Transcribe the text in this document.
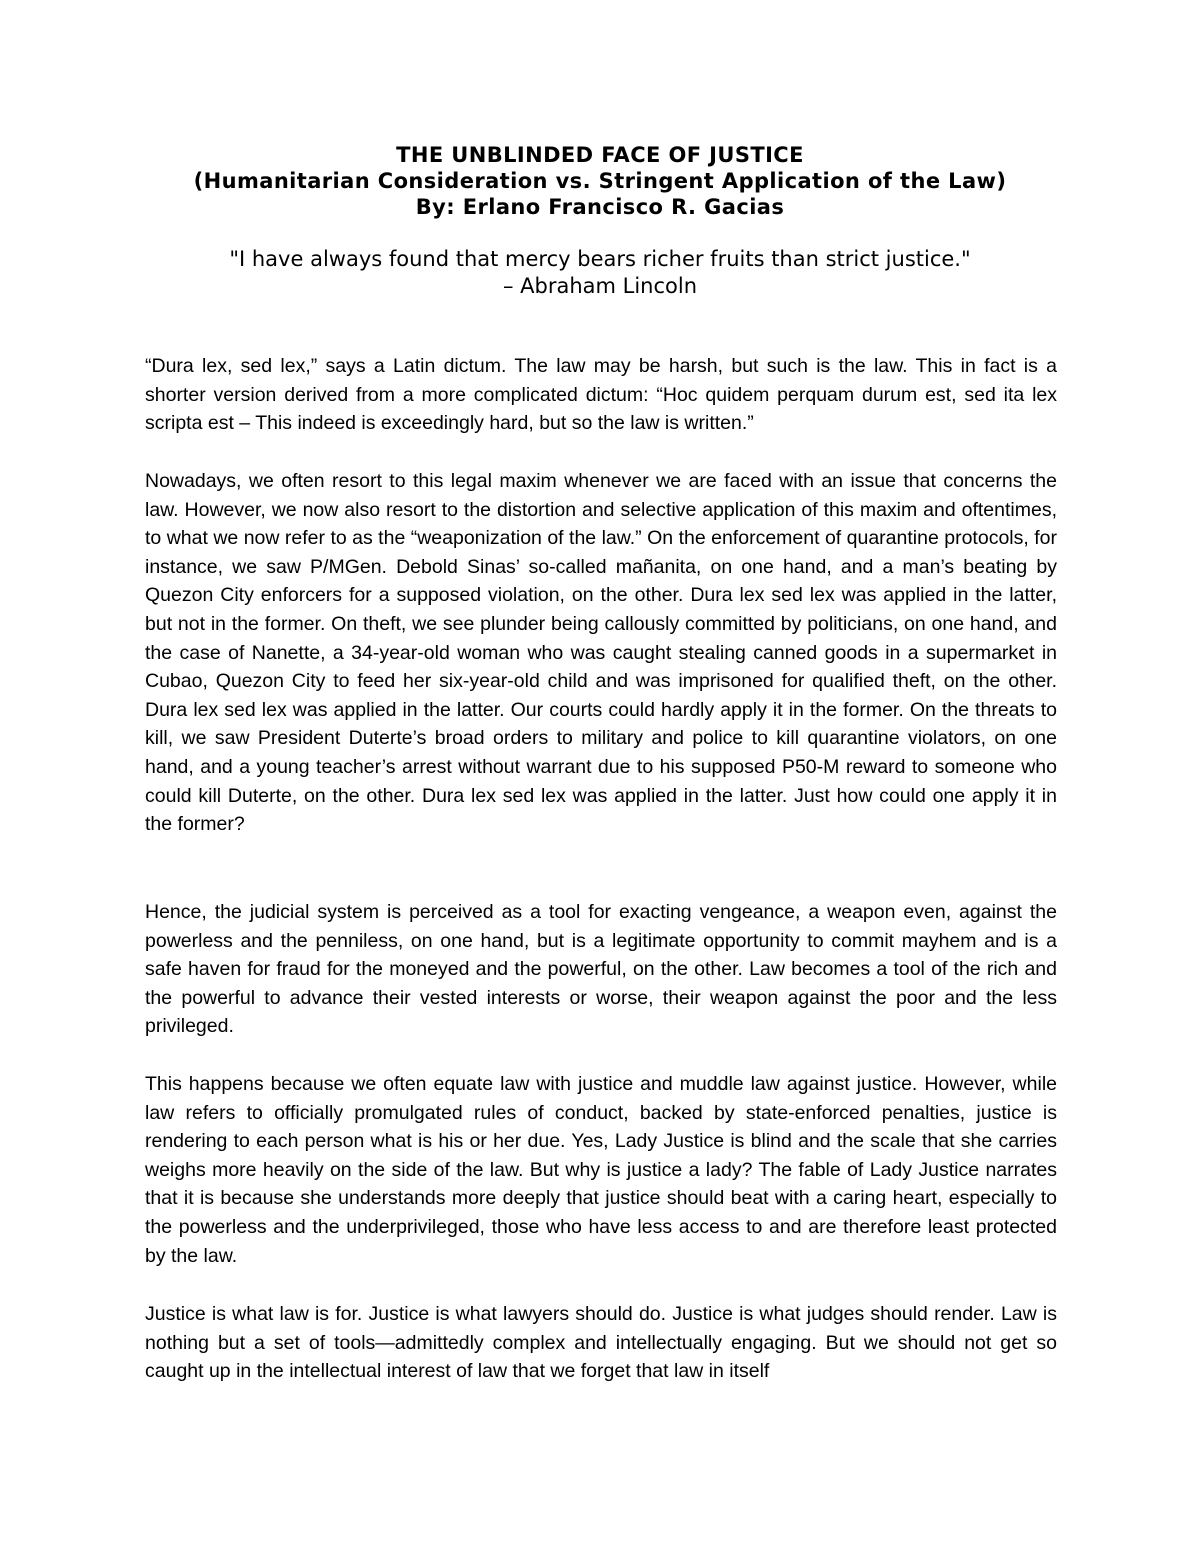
THE UNBLINDED FACE OF JUSTICE
(Humanitarian Consideration vs. Stringent Application of the Law)
By: Erlano Francisco R. Gacias
"I have always found that mercy bears richer fruits than strict justice."
– Abraham Lincoln

“Dura lex, sed lex,” says a Latin dictum. The law may be harsh, but such is the law. This in fact is a shorter version derived from a more complicated dictum: “Hoc quidem perquam durum est, sed ita lex scripta est – This indeed is exceedingly hard, but so the law is written.”

Nowadays, we often resort to this legal maxim whenever we are faced with an issue that concerns the law. However, we now also resort to the distortion and selective application of this maxim and oftentimes, to what we now refer to as the “weaponization of the law.” On the enforcement of quarantine protocols, for instance, we saw P/MGen. Debold Sinas’ so-called mañanita, on one hand, and a man’s beating by Quezon City enforcers for a supposed violation, on the other. Dura lex sed lex was applied in the latter, but not in the former. On theft, we see plunder being callously committed by politicians, on one hand, and the case of Nanette, a 34-year-old woman who was caught stealing canned goods in a supermarket in Cubao, Quezon City to feed her six-year-old child and was imprisoned for qualified theft, on the other. Dura lex sed lex was applied in the latter. Our courts could hardly apply it in the former. On the threats to kill, we saw President Duterte’s broad orders to military and police to kill quarantine violators, on one hand, and a young teacher’s arrest without warrant due to his supposed P50-M reward to someone who could kill Duterte, on the other. Dura lex sed lex was applied in the latter. Just how could one apply it in the former?

Hence, the judicial system is perceived as a tool for exacting vengeance, a weapon even, against the powerless and the penniless, on one hand, but is a legitimate opportunity to commit mayhem and is a safe haven for fraud for the moneyed and the powerful, on the other. Law becomes a tool of the rich and the powerful to advance their vested interests or worse, their weapon against the poor and the less privileged.

This happens because we often equate law with justice and muddle law against justice. However, while law refers to officially promulgated rules of conduct, backed by state-enforced penalties, justice is rendering to each person what is his or her due. Yes, Lady Justice is blind and the scale that she carries weighs more heavily on the side of the law. But why is justice a lady? The fable of Lady Justice narrates that it is because she understands more deeply that justice should beat with a caring heart, especially to the powerless and the underprivileged, those who have less access to and are therefore least protected by the law.

Justice is what law is for. Justice is what lawyers should do. Justice is what judges should render. Law is nothing but a set of tools—admittedly complex and intellectually engaging. But we should not get so caught up in the intellectual interest of law that we forget that law in itself
